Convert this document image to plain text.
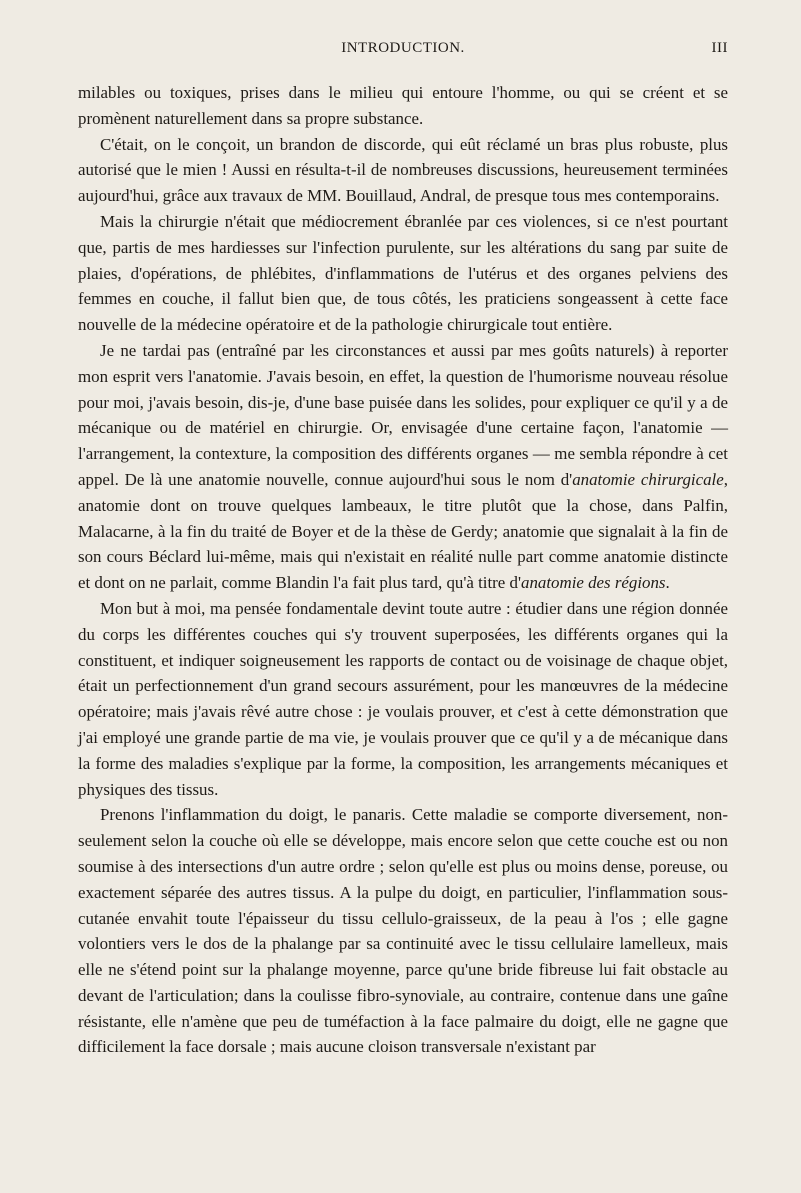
INTRODUCTION.	III

milables ou toxiques, prises dans le milieu qui entoure l'homme, ou qui se créent et se promènent naturellement dans sa propre substance.

C'était, on le conçoit, un brandon de discorde, qui eût réclamé un bras plus robuste, plus autorisé que le mien ! Aussi en résulta-t-il de nombreuses discussions, heureusement terminées aujourd'hui, grâce aux travaux de MM. Bouillaud, Andral, de presque tous mes contemporains.

Mais la chirurgie n'était que médiocrement ébranlée par ces violences, si ce n'est pourtant que, partis de mes hardiesses sur l'infection purulente, sur les altérations du sang par suite de plaies, d'opérations, de phlébites, d'inflammations de l'utérus et des organes pelviens des femmes en couche, il fallut bien que, de tous côtés, les praticiens songeassent à cette face nouvelle de la médecine opératoire et de la pathologie chirurgicale tout entière.

Je ne tardai pas (entraîné par les circonstances et aussi par mes goûts naturels) à reporter mon esprit vers l'anatomie. J'avais besoin, en effet, la question de l'humorisme nouveau résolue pour moi, j'avais besoin, dis-je, d'une base puisée dans les solides, pour expliquer ce qu'il y a de mécanique ou de matériel en chirurgie. Or, envisagée d'une certaine façon, l'anatomie — l'arrangement, la contexture, la composition des différents organes — me sembla répondre à cet appel. De là une anatomie nouvelle, connue aujourd'hui sous le nom d'anatomie chirurgicale, anatomie dont on trouve quelques lambeaux, le titre plutôt que la chose, dans Palfin, Malacarne, à la fin du traité de Boyer et de la thèse de Gerdy; anatomie que signalait à la fin de son cours Béclard lui-même, mais qui n'existait en réalité nulle part comme anatomie distincte et dont on ne parlait, comme Blandin l'a fait plus tard, qu'à titre d'anatomie des régions.

Mon but à moi, ma pensée fondamentale devint toute autre : étudier dans une région donnée du corps les différentes couches qui s'y trouvent superposées, les différents organes qui la constituent, et indiquer soigneusement les rapports de contact ou de voisinage de chaque objet, était un perfectionnement d'un grand secours assurément, pour les manœuvres de la médecine opératoire; mais j'avais rêvé autre chose : je voulais prouver, et c'est à cette démonstration que j'ai employé une grande partie de ma vie, je voulais prouver que ce qu'il y a de mécanique dans la forme des maladies s'explique par la forme, la composition, les arrangements mécaniques et physiques des tissus.

Prenons l'inflammation du doigt, le panaris. Cette maladie se comporte diversement, non-seulement selon la couche où elle se développe, mais encore selon que cette couche est ou non soumise à des intersections d'un autre ordre ; selon qu'elle est plus ou moins dense, poreuse, ou exactement séparée des autres tissus. A la pulpe du doigt, en particulier, l'inflammation sous-cutanée envahit toute l'épaisseur du tissu cellulo-graisseux, de la peau à l'os ; elle gagne volontiers vers le dos de la phalange par sa continuité avec le tissu cellulaire lamelleux, mais elle ne s'étend point sur la phalange moyenne, parce qu'une bride fibreuse lui fait obstacle au devant de l'articulation; dans la coulisse fibro-synoviale, au contraire, contenue dans une gaîne résistante, elle n'amène que peu de tuméfaction à la face palmaire du doigt, elle ne gagne que difficilement la face dorsale ; mais aucune cloison transversale n'existant par
